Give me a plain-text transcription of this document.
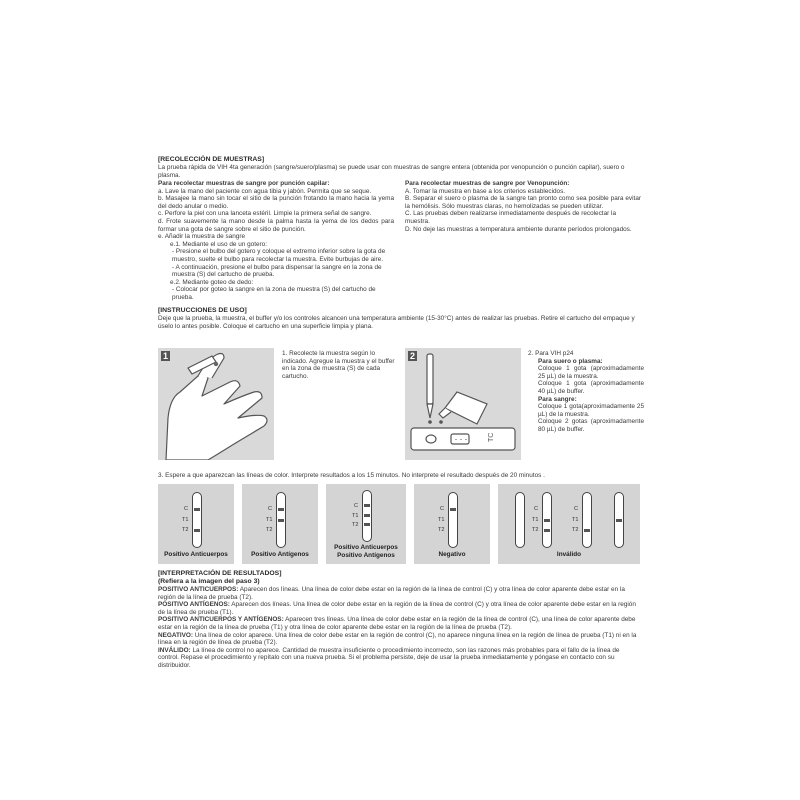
[RECOLECCIÓN DE MUESTRAS]
La prueba rápida de VIH 4ta generación (sangre/suero/plasma) se puede usar con muestras de sangre entera (obtenida por venopunción o punción capilar), suero o plasma.
Para recolectar muestras de sangre por punción capilar:
a. Lave la mano del paciente con agua tibia y jabón. Permita que se seque.
b. Masajee la mano sin tocar el sitio de la punción frotando la mano hacia la yema del dedo anular o medio.
c. Perfore la piel con una lanceta estéril. Limpie la primera señal de sangre.
d. Frote suavemente la mano desde la palma hasta la yema de los dedos para formar una gota de sangre sobre el sitio de punción.
e. Añadir la muestra de sangre
e.1. Mediante el uso de un gotero:
- Presione el bulbo del gotero y coloque el extremo inferior sobre la gota de muestro, suelte el bulbo para recolectar la muestra. Evite burbujas de aire.
- A continuación, presione el bulbo para dispensar la sangre en la zona de muestra (S) del cartucho de prueba.
e.2. Mediante goteo de dedo:
- Colocar por goteo la sangre en la zona de muestra (S) del cartucho de prueba.
Para recolectar muestras de sangre por Venopunción:
A. Tomar la muestra en base a los criterios establecidos.
B. Separar el suero o plasma de la sangre tan pronto como sea posible para evitar la hemólisis. Sólo muestras claras, no hemolizadas se pueden utilizar.
C. Las pruebas deben realizarse inmediatamente después de recolectar la muestra.
D. No deje las muestras a temperatura ambiente durante períodos prolongados.
[INSTRUCCIONES DE USO]
Deje que la prueba, la muestra, el buffer y/o los controles alcancen una temperatura ambiente (15-30°C) antes de realizar las pruebas. Retire el cartucho del empaque y úselo lo antes posible. Coloque el cartucho en una superficie limpia y plana.
1	1. Recolecte la muestra según lo indicado. Agregue la muestra y el buffer en la zona de muestra (S) de cada cartucho.
2
TC
2. Para VIH p24
Para suero o plasma:
Coloque 1 gota (aproximadamente 25 µL) de la muestra.
Coloque 1 gota (aproximadamente 40 µL) de buffer.
Para sangre:
Coloque 1 gota(aproximadamente 25 µL) de la muestra.
Coloque 2 gotas (aproximadamente 80 µL) de buffer.
3. Espere a que aparezcan las líneas de color. Interprete resultados a los 15 minutos. No interprete el resultado después de 20 minutos .
C
T1
T2
Positivo Anticuerpos
C
T1
T2
Positivo Antígenos
C
T1
T2
Positivo Anticuerpos
Positivo Antígenos
C
T1
T2
Negativo
C
T1
T2
C
T1
T2
Inválido
[INTERPRETACIÓN DE RESULTADOS]
(Refiera a la imagen del paso 3)
POSITIVO ANTICUERPOS: Aparecen dos líneas. Una línea de color debe estar en la región de la línea de control (C) y otra línea de color aparente debe estar en la región de la línea de prueba (T2).
POSITIVO ANTÍGENOS: Aparecen dos líneas. Una línea de color debe estar en la región de la línea de control (C) y otra línea de color aparente debe estar en la región de la línea de prueba (T1).
POSITIVO ANTICUERPOS Y ANTÍGENOS: Aparecen tres líneas. Una línea de color debe estar en la región de la línea de control (C), una línea de color aparente debe estar en la región de la línea de prueba (T1) y otra línea de color aparente debe estar en la región de la línea de prueba (T2).
NEGATIVO: Una línea de color aparece. Una línea de color debe estar en la región de control (C), no aparece ninguna línea en la región de línea de prueba (T1) ni en la línea en la región de línea de prueba (T2).
INVÁLIDO: La línea de control no aparece. Cantidad de muestra insuficiente o procedimiento incorrecto, son las razones más probables para el fallo de la línea de control. Repase el procedimiento y repítalo con una nueva prueba. Si el problema persiste, deje de usar la prueba inmediatamente y póngase en contacto con su distribuidor.
